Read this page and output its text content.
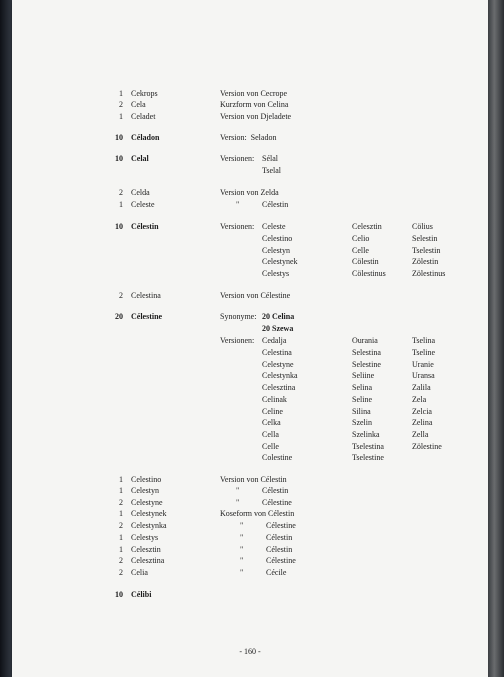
1 Cekrops	Version von Cecrope
2 Cela	Kurzform von Celina
1 Celadet	Version von Djeladete
10 Céladon	Version:  Seladon
10 Celal	Versionen: Sélal
Tselal
2 Celda	Version von Zelda
1 Celeste	"	Célestin
10 Célestin	Versionen: Celeste	Celesztin	Cölius
Celestino	Celio	Selestin
Celestyn	Celle	Tselestin
Celestynek	Cölestin	Zölestin
Celestys	Cölestinus	Zölestinus
2 Celestina	Version von Célestine
20 Célestine	Synonyme: 20 Celina
20 Szewa
Versionen: Cedalja	Ourania	Tselina
Celestina	Selestina	Tseline
Celestyne	Selestine	Uranie
Celestynka	Seliine	Uransa
Celesztina	Selina	Zalila
Celinak	Seline	Zela
Celine	Silina	Zelcia
Celka	Szelin	Zelina
Cella	Szelinka	Zella
Celle	Tselestina	Zölestine
Colestine	Tselestine
1 Celestino	Version von Célestin
1 Celestyn	"	Célestin
2 Celestyne	"	Célestine
1 Celestynek	Koseform von Célestin
2 Celestynka	" Célestine
1 Celestys	" Célestin
1 Celesztin	" Célestin
2 Celesztina	" Célestine
2 Celia	" Cécile
10 Célibi
- 160 -
